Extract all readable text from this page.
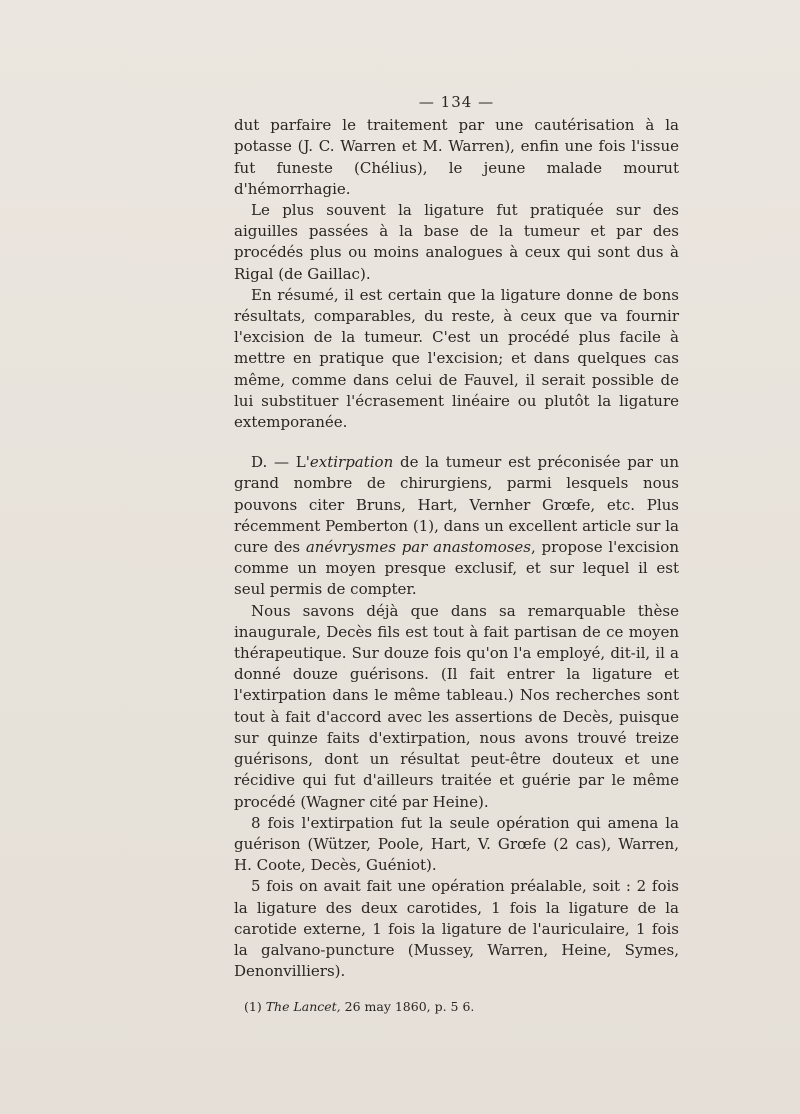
— 134 —

dut parfaire le traitement par une cautérisation à la potasse (J. C. Warren et M. Warren), enfin une fois l'issue fut funeste (Chélius), le jeune malade mourut d'hémorrhagie.

Le plus souvent la ligature fut pratiquée sur des aiguilles passées à la base de la tumeur et par des procédés plus ou moins analogues à ceux qui sont dus à Rigal (de Gaillac).

En résumé, il est certain que la ligature donne de bons résultats, comparables, du reste, à ceux que va fournir l'excision de la tumeur. C'est un procédé plus facile à mettre en pratique que l'excision; et dans quelques cas même, comme dans celui de Fauvel, il serait possible de lui substituer l'écrasement linéaire ou plutôt la ligature extemporanée.

D. — L'extirpation de la tumeur est préconisée par un grand nombre de chirurgiens, parmi lesquels nous pouvons citer Bruns, Hart, Vernher Grœfe, etc. Plus récemment Pemberton (1), dans un excellent article sur la cure des anévrysmes par anastomoses, propose l'excision comme un moyen presque exclusif, et sur lequel il est seul permis de compter.

Nous savons déjà que dans sa remarquable thèse inaugurale, Decès fils est tout à fait partisan de ce moyen thérapeutique. Sur douze fois qu'on l'a employé, dit-il, il a donné douze guérisons. (Il fait entrer la ligature et l'extirpation dans le même tableau.) Nos recherches sont tout à fait d'accord avec les assertions de Decès, puisque sur quinze faits d'extirpation, nous avons trouvé treize guérisons, dont un résultat peut-être douteux et une récidive qui fut d'ailleurs traitée et guérie par le même procédé (Wagner cité par Heine).

8 fois l'extirpation fut la seule opération qui amena la guérison (Wützer, Poole, Hart, V. Grœfe (2 cas), Warren, H. Coote, Decès, Guéniot).

5 fois on avait fait une opération préalable, soit : 2 fois la ligature des deux carotides, 1 fois la ligature de la carotide externe, 1 fois la ligature de l'auriculaire, 1 fois la galvano-puncture (Mussey, Warren, Heine, Symes, Denonvilliers).

(1) The Lancet, 26 may 1860, p. 5 6.
